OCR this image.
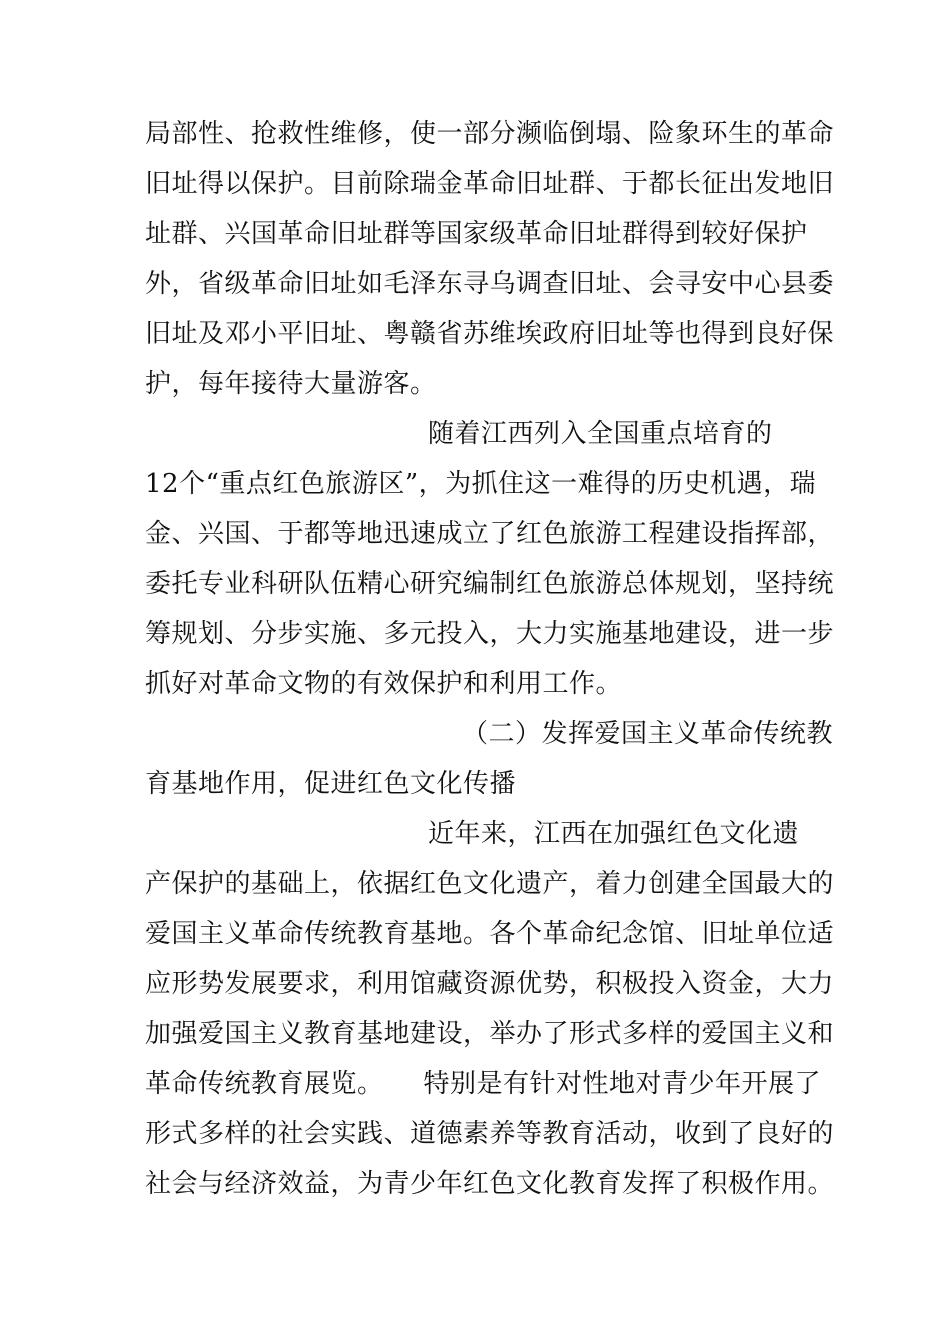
局部性、抢救性维修，使一部分濒临倒塌、险象环生的革命
旧址得以保护。目前除瑞金革命旧址群、于都长征出发地旧
址群、兴国革命旧址群等国家级革命旧址群得到较好保护
外，省级革命旧址如毛泽东寻乌调查旧址、会寻安中心县委
旧址及邓小平旧址、粤赣省苏维埃政府旧址等也得到良好保
护，每年接待大量游客。
随着江西列入全国重点培育的
12个“重点红色旅游区”，为抓住这一难得的历史机遇，瑞
金、兴国、于都等地迅速成立了红色旅游工程建设指挥部，
委托专业科研队伍精心研究编制红色旅游总体规划，坚持统
筹规划、分步实施、多元投入，大力实施基地建设，进一步
抓好对革命文物的有效保护和利用工作。
（二）发挥爱国主义革命传统教
育基地作用，促进红色文化传播
近年来，江西在加强红色文化遗
产保护的基础上，依据红色文化遗产，着力创建全国最大的
爱国主义革命传统教育基地。各个革命纪念馆、旧址单位适
应形势发展要求，利用馆藏资源优势，积极投入资金，大力
加强爱国主义教育基地建设，举办了形式多样的爱国主义和
革命传统教育展览。　　特别是有针对性地对青少年开展了
形式多样的社会实践、道德素养等教育活动，收到了良好的
社会与经济效益，为青少年红色文化教育发挥了积极作用。
